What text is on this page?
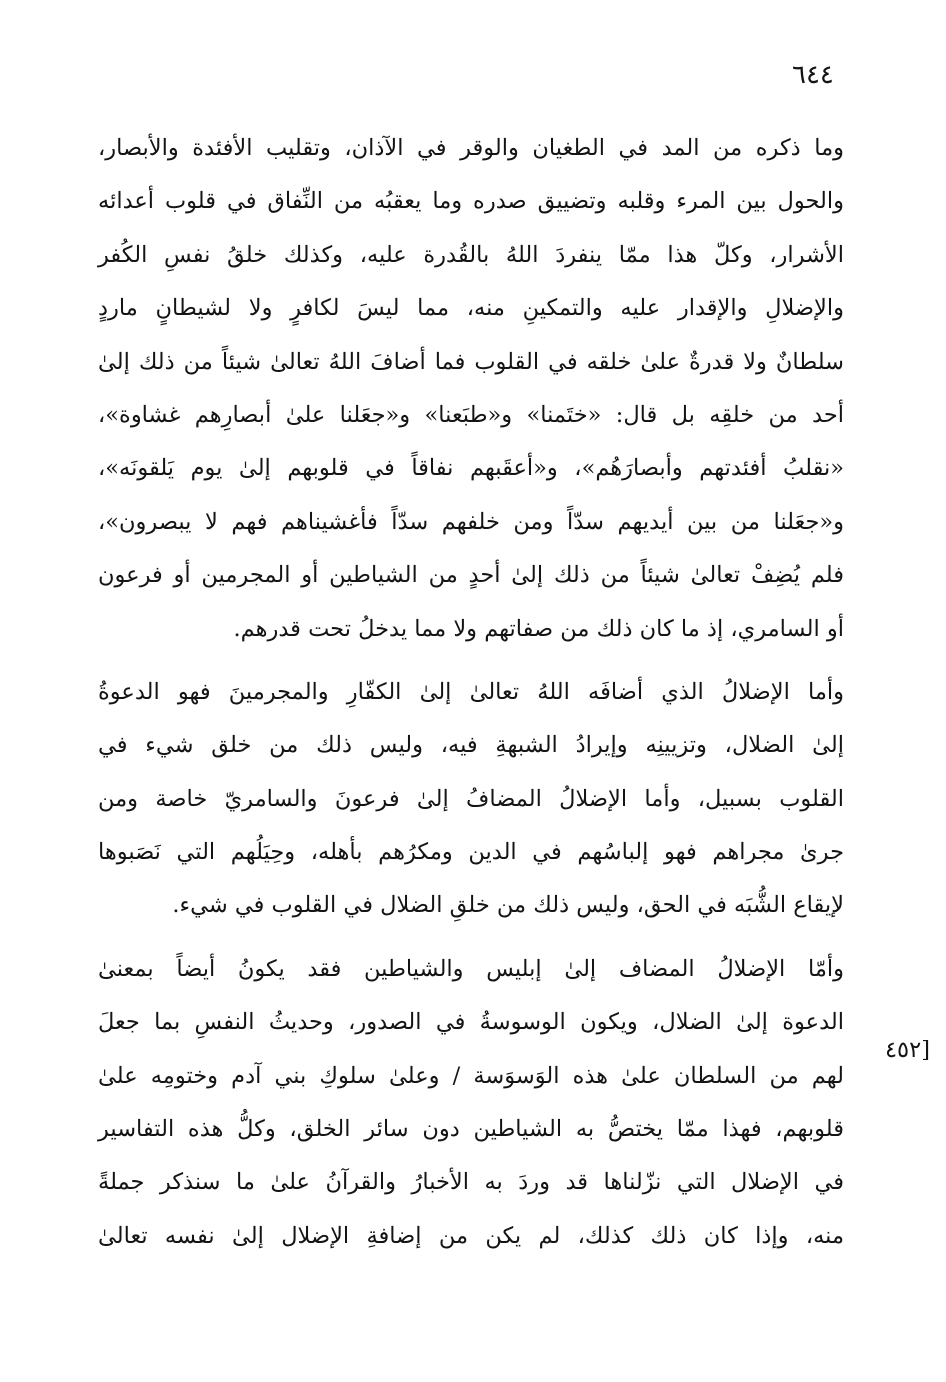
٦٤٤
[٤٥٢
وما ذكره من المد في الطغيان والوقر في الآذان، وتقليب الأفئدة والأبصار،
والحول بين المرء وقلبه وتضييق صدره وما يعقبُه من النِّفاق في قلوب أعدائه
الأشرار، وكلّ هذا ممّا ينفردَ اللهُ بالقُدرة عليه، وكذلك خلقُ نفسِ الكُفر
والإضلالِ والإقدار عليه والتمكينِ منه، مما ليسَ لكافرٍ ولا لشيطانٍ ماردٍ
سلطانٌ ولا قدرةٌ علىٰ خلقه في القلوب فما أضافَ اللهُ تعالىٰ شيئاً من ذلك إلىٰ
أحد من خلقِه بل قال: «ختَمنا» و«طبَعنا» و«جعَلنا علىٰ أبصارِهم غشاوة»،
«نقلبُ أفئدتهم وأبصارَهُم»، و«أعقَبهم نفاقاً في قلوبهم إلىٰ يوم يَلقونَه»،
و«جعَلنا من بين أيديهم سدّاً ومن خلفهم سدّاً فأغشيناهم فهم لا يبصرون»،
فلم يُضِفْ تعالىٰ شيئاً من ذلك إلىٰ أحدٍ من الشياطين أو المجرمين أو فرعون
أو السامري، إذ ما كان ذلك من صفاتهم ولا مما يدخلُ تحت قدرهم.
وأما الإضلالُ الذي أضافَه اللهُ تعالىٰ إلىٰ الكفّارِ والمجرمينَ فهو الدعوةُ
إلىٰ الضلال، وتزيينِه وإيرادُ الشبهةِ فيه، وليس ذلك من خلق شيء في
القلوب بسبيل، وأما الإضلالُ المضافُ إلىٰ فرعونَ والسامريّ خاصة ومن
جرىٰ مجراهم فهو إلباسُهم في الدين ومكرُهم بأهله، وحِيَلُهم التي نَصَبوها
لإيقاع الشُّبَه في الحق، وليس ذلك من خلقِ الضلال في القلوب في شيء.
وأمّا الإضلالُ المضاف إلىٰ إبليس والشياطين فقد يكونُ أيضاً بمعنىٰ
الدعوة إلىٰ الضلال، ويكون الوسوسةُ في الصدور، وحديثُ النفسِ بما جعلَ
لهم من السلطان علىٰ هذه الوَسوَسة / وعلىٰ سلوكِ بني آدم وختومِه علىٰ
قلوبهم، فهذا ممّا يختصُّ به الشياطين دون سائر الخلق، وكلُّ هذه التفاسير
في الإضلال التي نزّلناها قد وردَ به الأخبارُ والقرآنُ علىٰ ما سنذكر جملةً
منه، وإذا كان ذلك كذلك، لم يكن من إضافةِ الإضلال إلىٰ نفسه تعالىٰ
